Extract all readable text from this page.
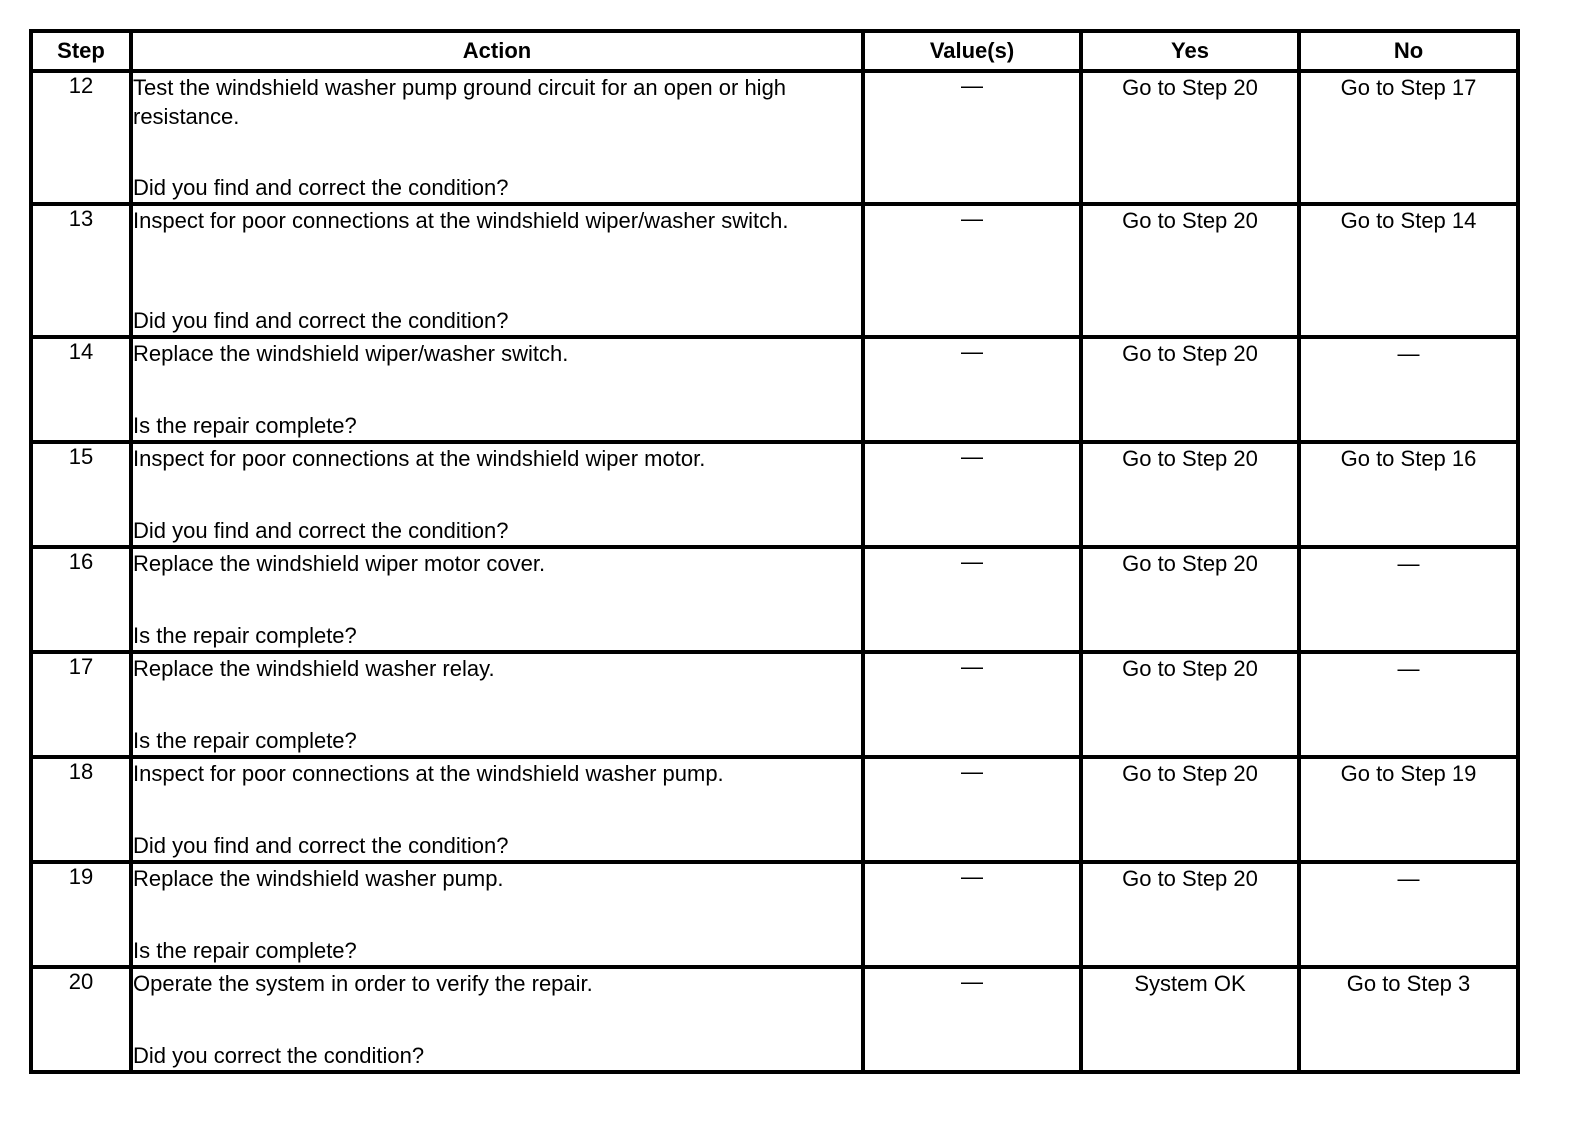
Step	Action	Value(s)	Yes	No
12	Test the windshield washer pump ground circuit for an open or high resistance.
Did you find and correct the condition?	—	Go to Step 20	Go to Step 17
13	Inspect for poor connections at the windshield wiper/washer switch.
Did you find and correct the condition?	—	Go to Step 20	Go to Step 14
14	Replace the windshield wiper/washer switch.
Is the repair complete?	—	Go to Step 20	—
15	Inspect for poor connections at the windshield wiper motor.
Did you find and correct the condition?	—	Go to Step 20	Go to Step 16
16	Replace the windshield wiper motor cover.
Is the repair complete?	—	Go to Step 20	—
17	Replace the windshield washer relay.
Is the repair complete?	—	Go to Step 20	—
18	Inspect for poor connections at the windshield washer pump.
Did you find and correct the condition?	—	Go to Step 20	Go to Step 19
19	Replace the windshield washer pump.
Is the repair complete?	—	Go to Step 20	—
20	Operate the system in order to verify the repair.
Did you correct the condition?	—	System OK	Go to Step 3
